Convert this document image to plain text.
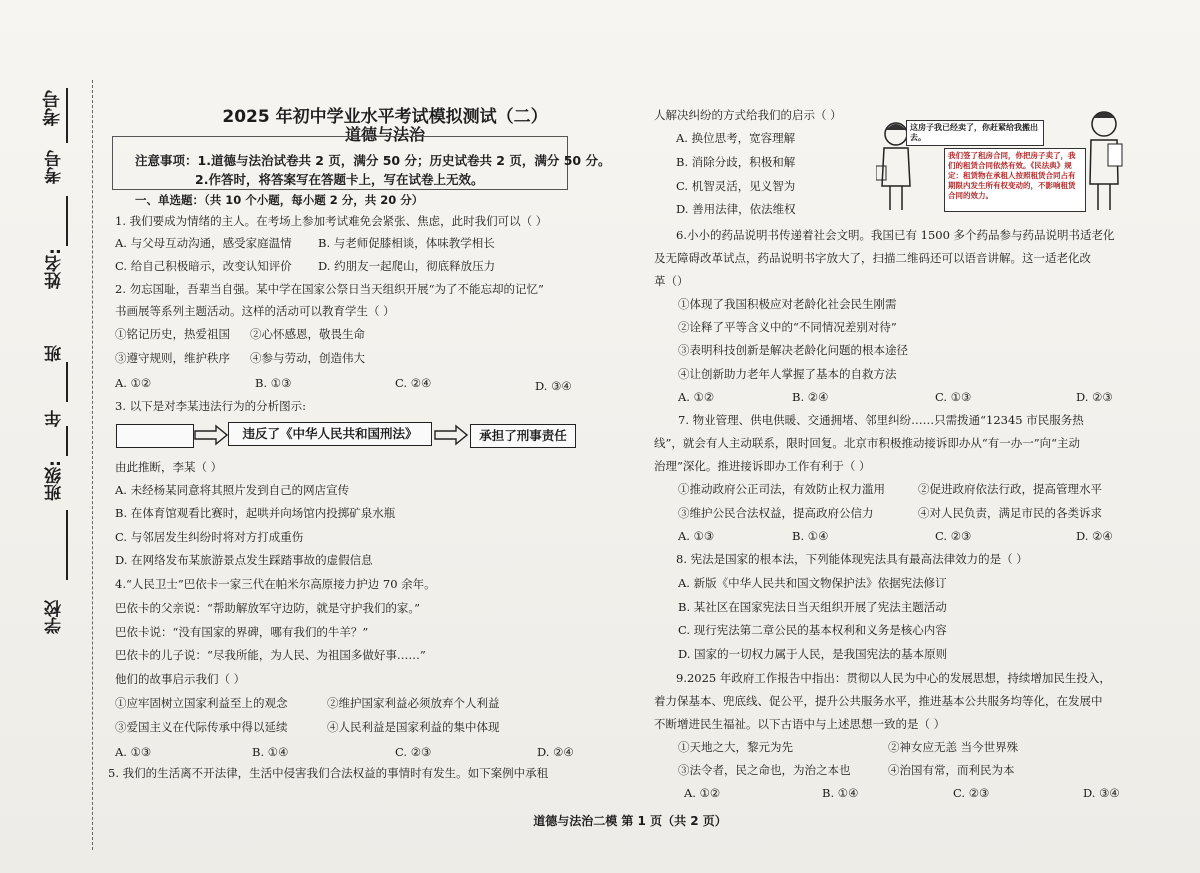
考号
考号
姓名:
班
年
班级:
学校
2025 年初中学业水平考试模拟测试（二）
道德与法治
注意事项：1.道德与法治试卷共 2 页，满分 50 分；历史试卷共 2 页，满分 50 分。
2.作答时，将答案写在答题卡上，写在试卷上无效。
一、单选题：（共 10 个小题，每小题 2 分，共 20 分）
1. 我们要成为情绪的主人。在考场上参加考试难免会紧张、焦虑，此时我们可以（ ）
A. 与父母互动沟通，感受家庭温情 B. 与老师促膝相谈，体味教学相长
C. 给自己积极暗示，改变认知评价 D. 约朋友一起爬山，彻底释放压力
2. 勿忘国耻，吾辈当自强。某中学在国家公祭日当天组织开展“为了不能忘却的记忆”
书画展等系列主题活动。这样的活动可以教育学生（ ）
①铭记历史，热爱祖国 ②心怀感恩，敬畏生命
③遵守规则，维护秩序 ④参与劳动，创造伟大
A. ①②	B. ①③	C. ②④	D. ③④
3. 以下是对李某违法行为的分析图示:
违反了《中华人民共和国刑法》	承担了刑事责任
由此推断，李某（ ）
A. 未经杨某同意将其照片发到自己的网店宣传
B. 在体育馆观看比赛时，起哄并向场馆内投掷矿泉水瓶
C. 与邻居发生纠纷时将对方打成重伤
D. 在网络发布某旅游景点发生踩踏事故的虚假信息
4.“人民卫士”巴依卡一家三代在帕米尔高原接力护边 70 余年。
巴依卡的父亲说：“帮助解放军守边防，就是守护我们的家。”
巴依卡说：“没有国家的界碑，哪有我们的牛羊？”
巴依卡的儿子说：“尽我所能，为人民、为祖国多做好事……”
他们的故事启示我们（ ）
①应牢固树立国家利益至上的观念	②维护国家利益必须放弃个人利益
③爱国主义在代际传承中得以延续	④人民利益是国家利益的集中体现
A. ①③	B. ①④	C. ②③	D. ②④
5. 我们的生活离不开法律，生活中侵害我们合法权益的事情时有发生。如下案例中承租
人解决纠纷的方式给我们的启示（ ）
A. 换位思考，宽容理解
B. 消除分歧，积极和解
C. 机智灵活，见义智为
D. 善用法律，依法维权
这房子我已经卖了，你赶紧给我搬出去。
我们签了租房合同，你把房子卖了，我们的租赁合同依然有效。《民法典》规定：租赁物在承租人按照租赁合同占有期限内发生所有权变动的，不影响租赁合同的效力。
6.小小的药品说明书传递着社会文明。我国已有 1500 多个药品参与药品说明书适老化
及无障碍改革试点，药品说明书字放大了，扫描二维码还可以语音讲解。这一适老化改
革（）
①体现了我国积极应对老龄化社会民生刚需
②诠释了平等含义中的“不同情况差别对待”
③表明科技创新是解决老龄化问题的根本途径
④让创新助力老年人掌握了基本的自救方法
A. ①②	B. ②④	C. ①③	D. ②③
7. 物业管理、供电供暖、交通拥堵、邻里纠纷……只需拨通“12345 市民服务热
线”，就会有人主动联系，限时回复。北京市积极推动接诉即办从“有一办一”向“主动
治理”深化。推进接诉即办工作有利于（ ）
①推动政府公正司法，有效防止权力滥用	②促进政府依法行政，提高管理水平
③维护公民合法权益，提高政府公信力	④对人民负责，满足市民的各类诉求
A. ①③	B. ①④	C. ②③	D. ②④
8. 宪法是国家的根本法，下列能体现宪法具有最高法律效力的是（ ）
A. 新版《中华人民共和国文物保护法》依据宪法修订
B. 某社区在国家宪法日当天组织开展了宪法主题活动
C. 现行宪法第二章公民的基本权利和义务是核心内容
D. 国家的一切权力属于人民，是我国宪法的基本原则
9.2025 年政府工作报告中指出：贯彻以人民为中心的发展思想，持续增加民生投入，
着力保基本、兜底线、促公平，提升公共服务水平，推进基本公共服务均等化，在发展中
不断增进民生福祉。以下古语中与上述思想一致的是（ ）
①天地之大，黎元为先	②神女应无恙 当今世界殊
③法令者，民之命也，为治之本也	④治国有常，而利民为本
A. ①②	B. ①④	C. ②③	D. ③④
道德与法治二模 第 1 页（共 2 页）
